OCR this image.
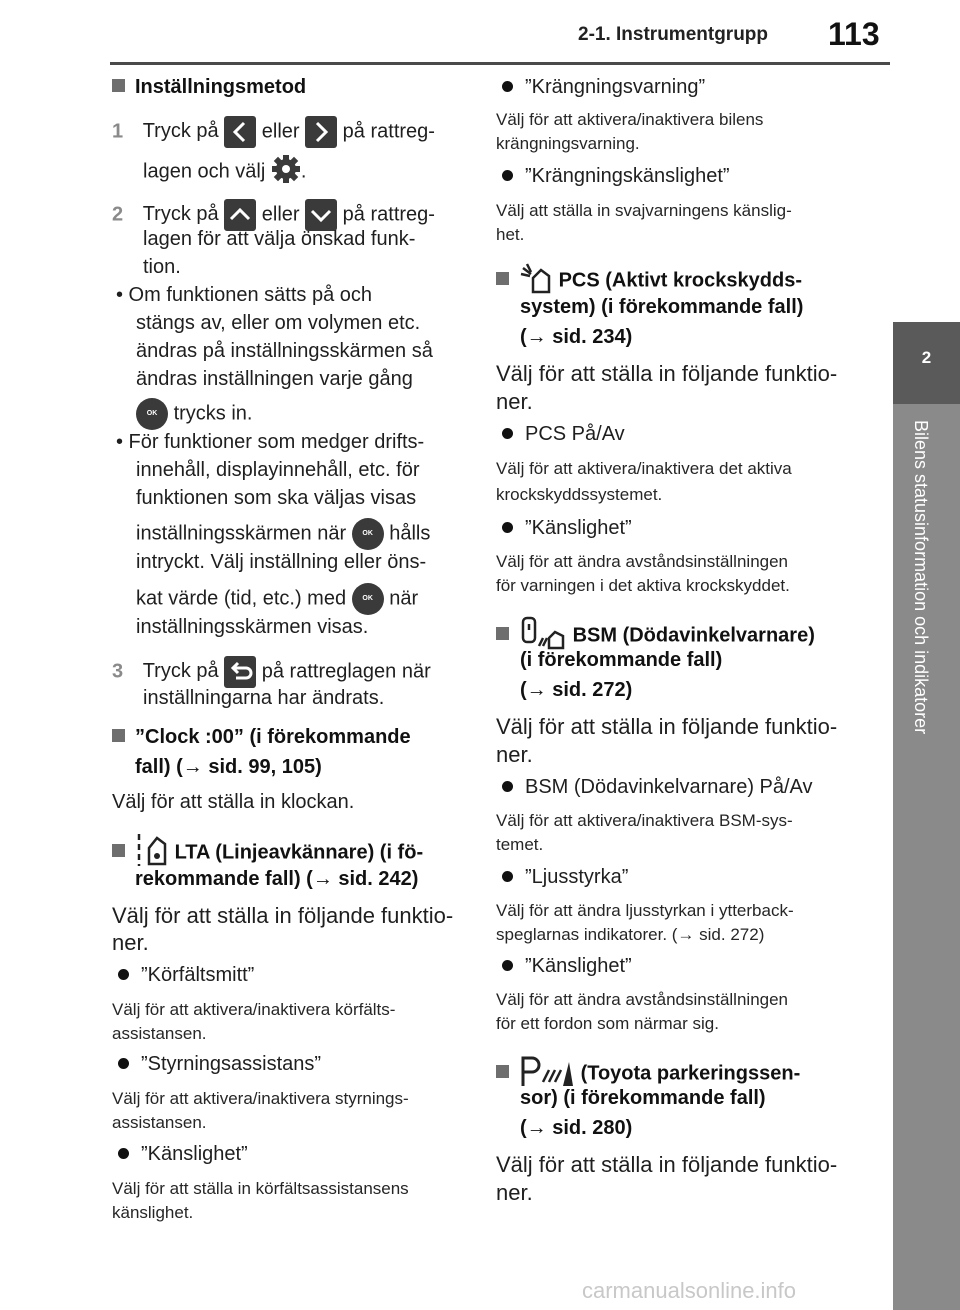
2-1. Instrumentgrupp 113
2
Bilens statusinformation och indikatorer
Inställningsmetod
1 Tryck på eller på rattreg-
lagen och välj .
2 Tryck på eller på rattreg-
lagen för att välja önskad funk-
tion.
• Om funktionen sätts på och
stängs av, eller om volymen etc.
ändras på inställningsskärmen så
ändras inställningen varje gång
OK trycks in.
• För funktioner som medger drifts-
innehåll, displayinnehåll, etc. för
funktionen som ska väljas visas
inställningsskärmen när OK hålls
intryckt. Välj inställning eller öns-
kat värde (tid, etc.) med OK när
inställningsskärmen visas.
3 Tryck på på rattreglagen när
inställningarna har ändrats.
”Clock :00” (i förekommande
fall) (→ sid. 99, 105)
Välj för att ställa in klockan.
LTA (Linjeavkännare) (i fö-
rekommande fall) (→ sid. 242)
Välj för att ställa in följande funktio-
ner.
”Körfältsmitt”
Välj för att aktivera/inaktivera körfälts-
assistansen.
”Styrningsassistans”
Välj för att aktivera/inaktivera styrnings-
assistansen.
”Känslighet”
Välj för att ställa in körfältsassistansens
känslighet.
”Krängningsvarning”
Välj för att aktivera/inaktivera bilens
krängningsvarning.
”Krängningskänslighet”
Välj att ställa in svajvarningens känslig-
het.
PCS (Aktivt krockskydds-
system) (i förekommande fall)
(→ sid. 234)
Välj för att ställa in följande funktio-
ner.
PCS På/Av
Välj för att aktivera/inaktivera det aktiva
krockskyddssystemet.
”Känslighet”
Välj för att ändra avståndsinställningen
för varningen i det aktiva krockskyddet.
BSM (Dödavinkelvarnare)
(i förekommande fall)
(→ sid. 272)
Välj för att ställa in följande funktio-
ner.
BSM (Dödavinkelvarnare) På/Av
Välj för att aktivera/inaktivera BSM-sys-
temet.
”Ljusstyrka”
Välj för att ändra ljusstyrkan i ytterback-
speglarnas indikatorer. (→ sid. 272)
”Känslighet”
Välj för att ändra avståndsinställningen
för ett fordon som närmar sig.
(Toyota parkeringssen-
sor) (i förekommande fall)
(→ sid. 280)
Välj för att ställa in följande funktio-
ner.
carmanualsonline.info
